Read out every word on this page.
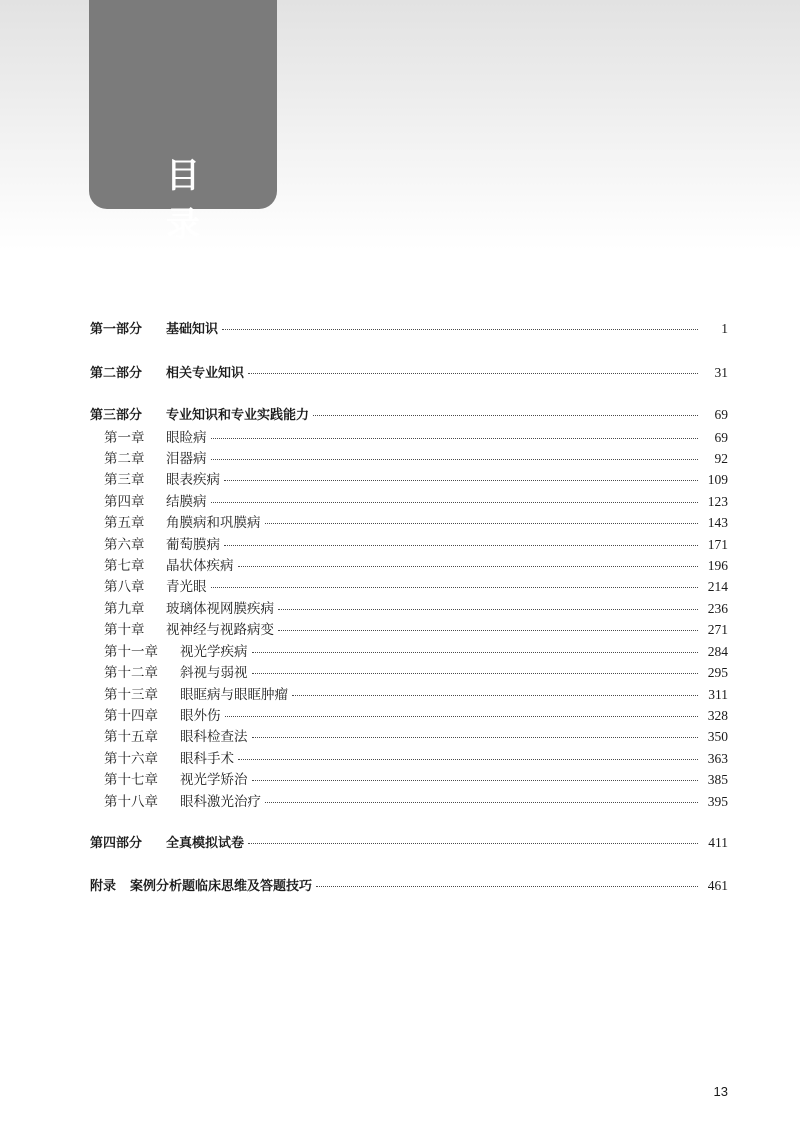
目 录
第一部分	基础知识	1
第二部分	相关专业知识	31
第三部分	专业知识和专业实践能力	69
第一章	眼睑病	69
第二章	泪器病	92
第三章	眼表疾病	109
第四章	结膜病	123
第五章	角膜病和巩膜病	143
第六章	葡萄膜病	171
第七章	晶状体疾病	196
第八章	青光眼	214
第九章	玻璃体视网膜疾病	236
第十章	视神经与视路病变	271
第十一章	视光学疾病	284
第十二章	斜视与弱视	295
第十三章	眼眶病与眼眶肿瘤	311
第十四章	眼外伤	328
第十五章	眼科检查法	350
第十六章	眼科手术	363
第十七章	视光学矫治	385
第十八章	眼科激光治疗	395
第四部分	全真模拟试卷	411
附录	案例分析题临床思维及答题技巧	461
13
